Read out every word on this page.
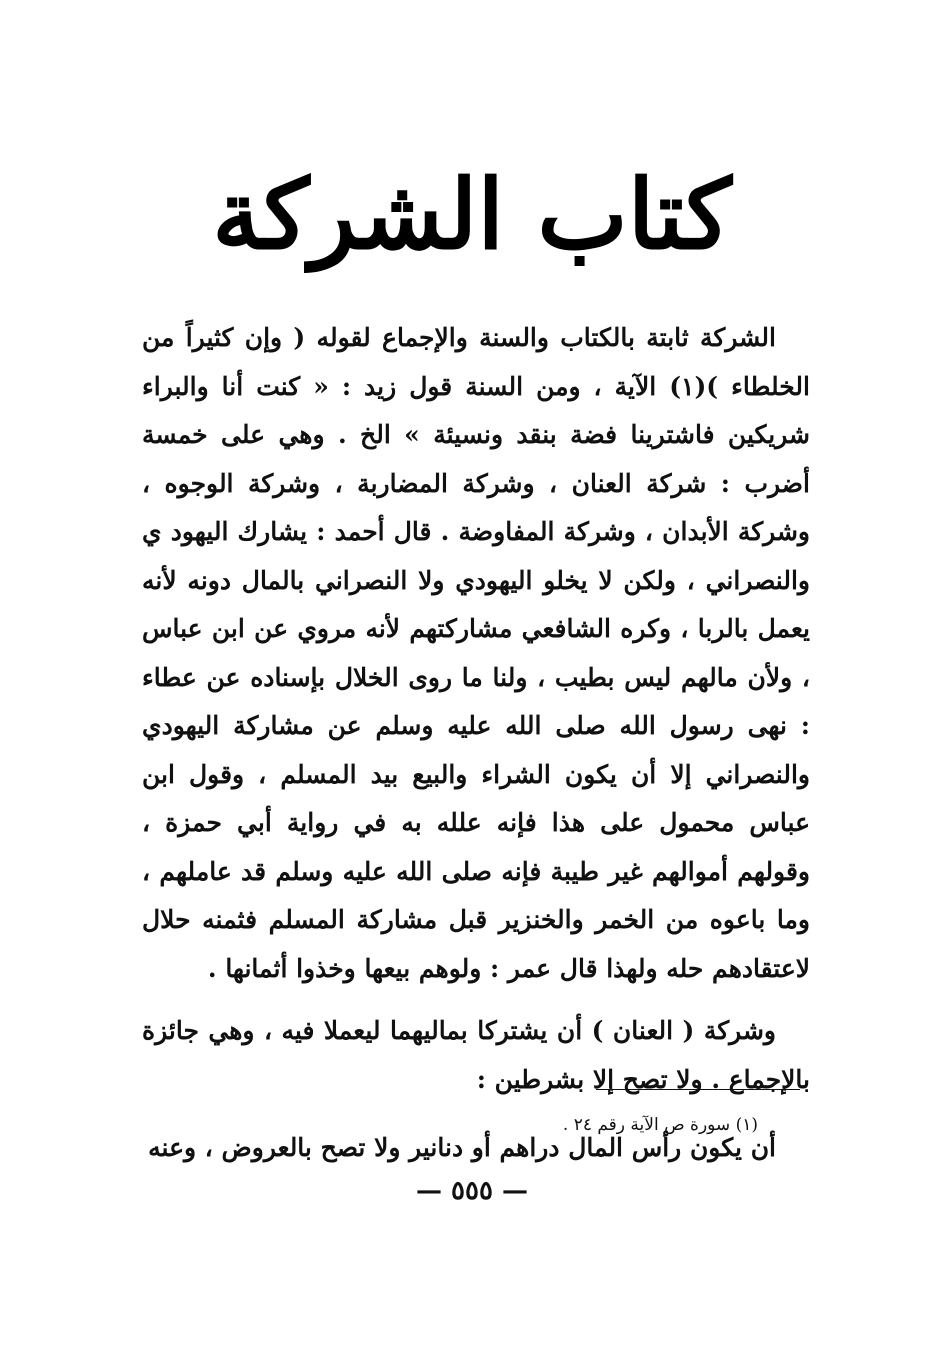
كتاب الشركة

الشركة ثابتة بالكتاب والسنة والإجماع لقوله ( وإن كثيراً من الخلطاء )(١) الآية ، ومن السنة قول زيد : « كنت أنا والبراء شريكين فاشترينا فضة بنقد ونسيئة » الخ . وهي على خمسة أضرب : شركة العنان ، وشركة المضاربة ، وشركة الوجوه ، وشركة الأبدان ، وشركة المفاوضة . قال أحمد : يشارك اليهود ي والنصراني ، ولكن لا يخلو اليهودي ولا النصراني بالمال دونه لأنه يعمل بالربا ، وكره الشافعي مشاركتهم لأنه مروي عن ابن عباس ، ولأن مالهم ليس بطيب ، ولنا ما روى الخلال بإسناده عن عطاء : نهى رسول الله صلى الله عليه وسلم عن مشاركة اليهودي والنصراني إلا أن يكون الشراء والبيع بيد المسلم ، وقول ابن عباس محمول على هذا فإنه علله به في رواية أبي حمزة ، وقولهم أموالهم غير طيبة فإنه صلى الله عليه وسلم قد عاملهم ، وما باعوه من الخمر والخنزير قبل مشاركة المسلم فثمنه حلال لاعتقادهم حله ولهذا قال عمر : ولوهم بيعها وخذوا أثمانها .

وشركة ( العنان ) أن يشتركا بماليهما ليعملا فيه ، وهي جائزة بالإجماع . ولا تصح إلا بشرطين :

أن يكون رأس المال دراهم أو دنانير ولا تصح بالعروض ، وعنه

(١) سورة ص الآية رقم ٢٤ .
— ٥٥٥ —
